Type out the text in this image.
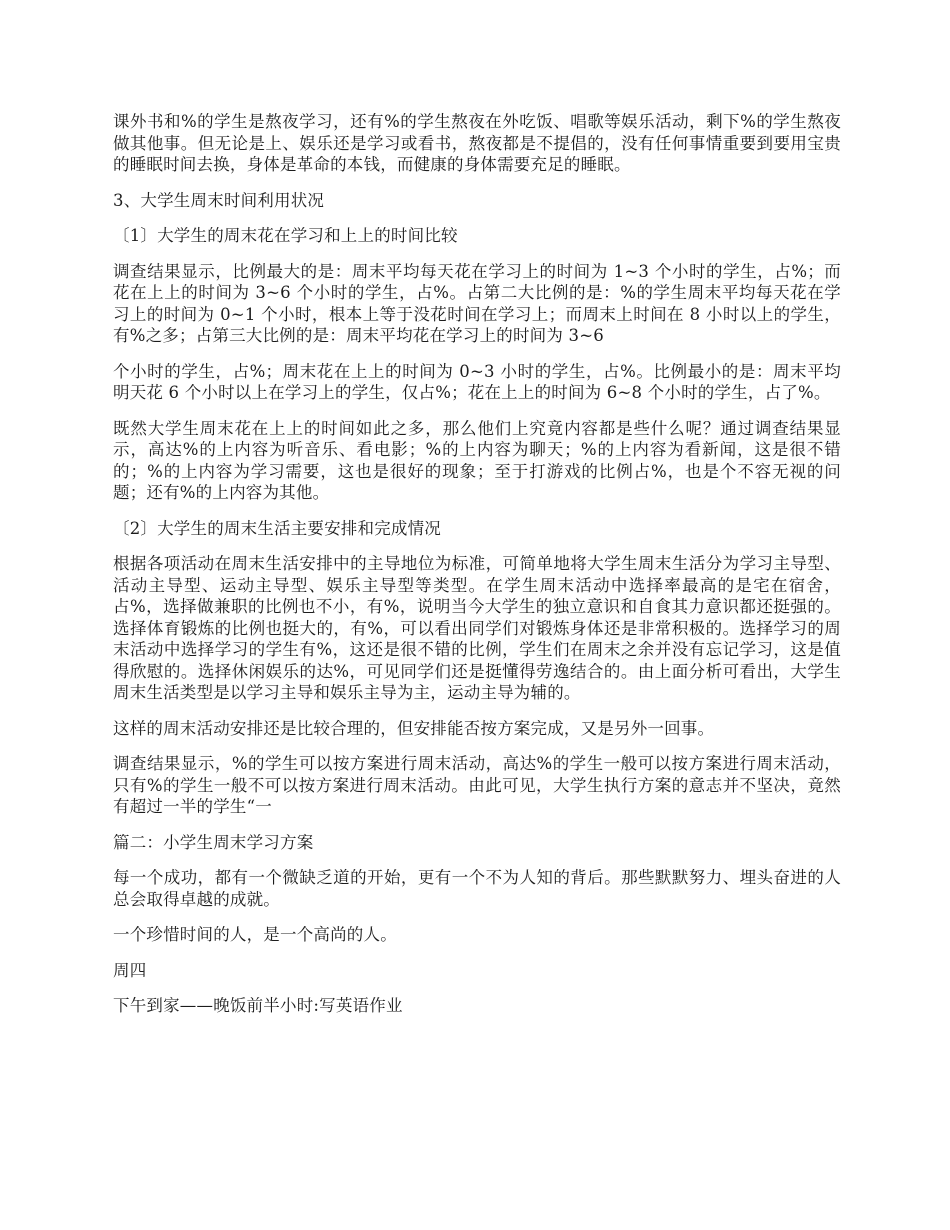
课外书和%的学生是熬夜学习，还有%的学生熬夜在外吃饭、唱歌等娱乐活动，剩下%的学生熬夜做其他事。但无论是上、娱乐还是学习或看书，熬夜都是不提倡的，没有任何事情重要到要用宝贵的睡眠时间去换，身体是革命的本钱，而健康的身体需要充足的睡眠。

3、大学生周末时间利用状况

〔1〕大学生的周末花在学习和上上的时间比较

调查结果显示，比例最大的是：周末平均每天花在学习上的时间为 1~3 个小时的学生，占%；而花在上上的时间为 3~6 个小时的学生，占%。占第二大比例的是：%的学生周末平均每天花在学习上的时间为 0~1 个小时，根本上等于没花时间在学习上；而周末上时间在 8 小时以上的学生，有%之多；占第三大比例的是：周末平均花在学习上的时间为 3~6

个小时的学生，占%；周末花在上上的时间为 0~3 小时的学生，占%。比例最小的是：周末平均明天花 6 个小时以上在学习上的学生，仅占%；花在上上的时间为 6~8 个小时的学生，占了%。

既然大学生周末花在上上的时间如此之多，那么他们上究竟内容都是些什么呢？通过调查结果显示，高达%的上内容为听音乐、看电影；%的上内容为聊天；%的上内容为看新闻，这是很不错的；%的上内容为学习需要，这也是很好的现象；至于打游戏的比例占%，也是个不容无视的问题；还有%的上内容为其他。

〔2〕大学生的周末生活主要安排和完成情况

根据各项活动在周末生活安排中的主导地位为标准，可简单地将大学生周末生活分为学习主导型、活动主导型、运动主导型、娱乐主导型等类型。在学生周末活动中选择率最高的是宅在宿舍，占%，选择做兼职的比例也不小，有%，说明当今大学生的独立意识和自食其力意识都还挺强的。选择体育锻炼的比例也挺大的，有%，可以看出同学们对锻炼身体还是非常积极的。选择学习的周末活动中选择学习的学生有%，这还是很不错的比例，学生们在周末之余并没有忘记学习，这是值得欣慰的。选择休闲娱乐的达%，可见同学们还是挺懂得劳逸结合的。由上面分析可看出，大学生周末生活类型是以学习主导和娱乐主导为主，运动主导为辅的。

这样的周末活动安排还是比较合理的，但安排能否按方案完成，又是另外一回事。

调查结果显示，%的学生可以按方案进行周末活动，高达%的学生一般可以按方案进行周末活动，只有%的学生一般不可以按方案进行周末活动。由此可见，大学生执行方案的意志并不坚决，竟然有超过一半的学生“一

篇二：小学生周末学习方案

每一个成功，都有一个微缺乏道的开始，更有一个不为人知的背后。那些默默努力、埋头奋进的人总会取得卓越的成就。

一个珍惜时间的人，是一个高尚的人。

周四

下午到家——晚饭前半小时:写英语作业
